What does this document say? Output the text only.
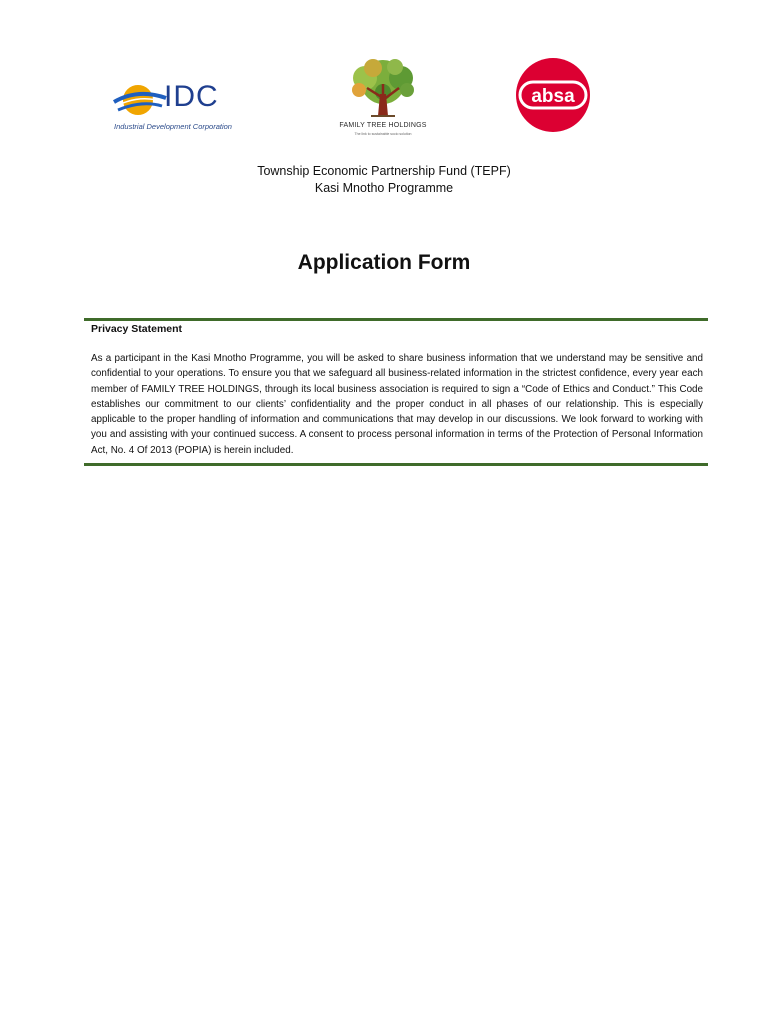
IDC
Industrial Development Corporation	FAMILY TREE HOLDINGS
The link to sustainable socio solution
absa
Township Economic Partnership Fund (TEPF)
Kasi Mnotho Programme
Application Form
Privacy Statement
As a participant in the Kasi Mnotho Programme, you will be asked to share business information that we understand may be sensitive and confidential to your operations. To ensure you that we safeguard all business-related information in the strictest confidence, every year each member of FAMILY TREE HOLDINGS, through its local business association is required to sign a “Code of Ethics and Conduct.” This Code establishes our commitment to our clients’ confidentiality and the proper conduct in all phases of our relationship. This is especially applicable to the proper handling of information and communications that may develop in our discussions. We look forward to working with you and assisting with your continued success. A consent to process personal information in terms of the Protection of Personal Information Act, No. 4 Of 2013 (POPIA) is herein included.
